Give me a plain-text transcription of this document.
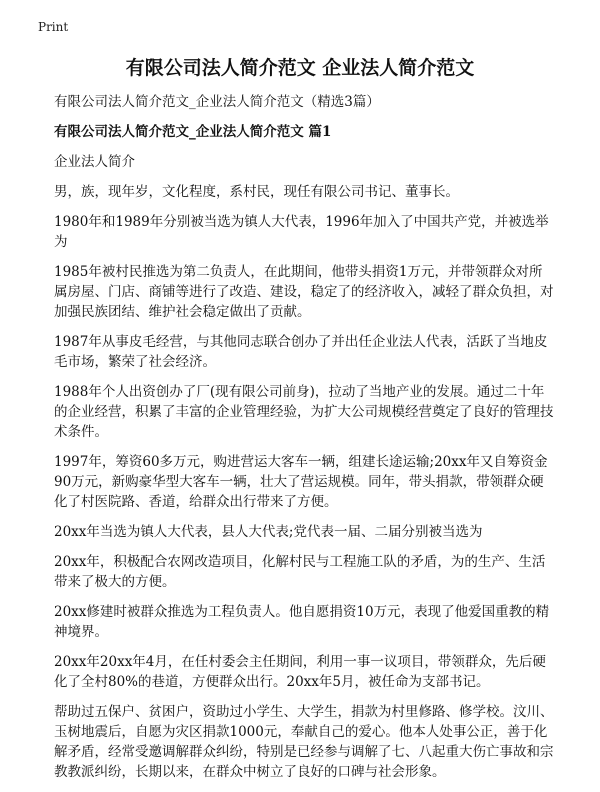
Print
有限公司法人简介范文 企业法人简介范文
有限公司法人简介范文_企业法人简介范文（精选3篇）
有限公司法人简介范文_企业法人简介范文 篇1
企业法人简介
男，族，现年岁，文化程度，系村民，现任有限公司书记、董事长。
1980年和1989年分别被当选为镇人大代表，1996年加入了中国共产党，并被选举为
1985年被村民推选为第二负责人，在此期间，他带头捐资1万元，并带领群众对所属房屋、门店、商铺等进行了改造、建设，稳定了的经济收入，减轻了群众负担，对加强民族团结、维护社会稳定做出了贡献。
1987年从事皮毛经营，与其他同志联合创办了并出任企业法人代表，活跃了当地皮毛市场，繁荣了社会经济。
1988年个人出资创办了厂(现有限公司前身)，拉动了当地产业的发展。通过二十年的企业经营，积累了丰富的企业管理经验，为扩大公司规模经营奠定了良好的管理技术条件。
1997年，筹资60多万元，购进营运大客车一辆，组建长途运输;20xx年又自筹资金90万元，新购豪华型大客车一辆，壮大了营运规模。同年，带头捐款，带领群众硬化了村医院路、香道，给群众出行带来了方便。
20xx年当选为镇人大代表，县人大代表;党代表一届、二届分别被当选为
20xx年，积极配合农网改造项目，化解村民与工程施工队的矛盾，为的生产、生活带来了极大的方便。
20xx修建时被群众推选为工程负责人。他自愿捐资10万元，表现了他爱国重教的精神境界。
20xx年20xx年4月，在任村委会主任期间，利用一事一议项目，带领群众，先后硬化了全村80%的巷道，方便群众出行。20xx年5月，被任命为支部书记。
帮助过五保户、贫困户，资助过小学生、大学生，捐款为村里修路、修学校。汶川、玉树地震后，自愿为灾区捐款1000元，奉献自己的爱心。他本人处事公正，善于化解矛盾，经常受邀调解群众纠纷，特别是已经参与调解了七、八起重大伤亡事故和宗教教派纠纷，长期以来，在群众中树立了良好的口碑与社会形象。
